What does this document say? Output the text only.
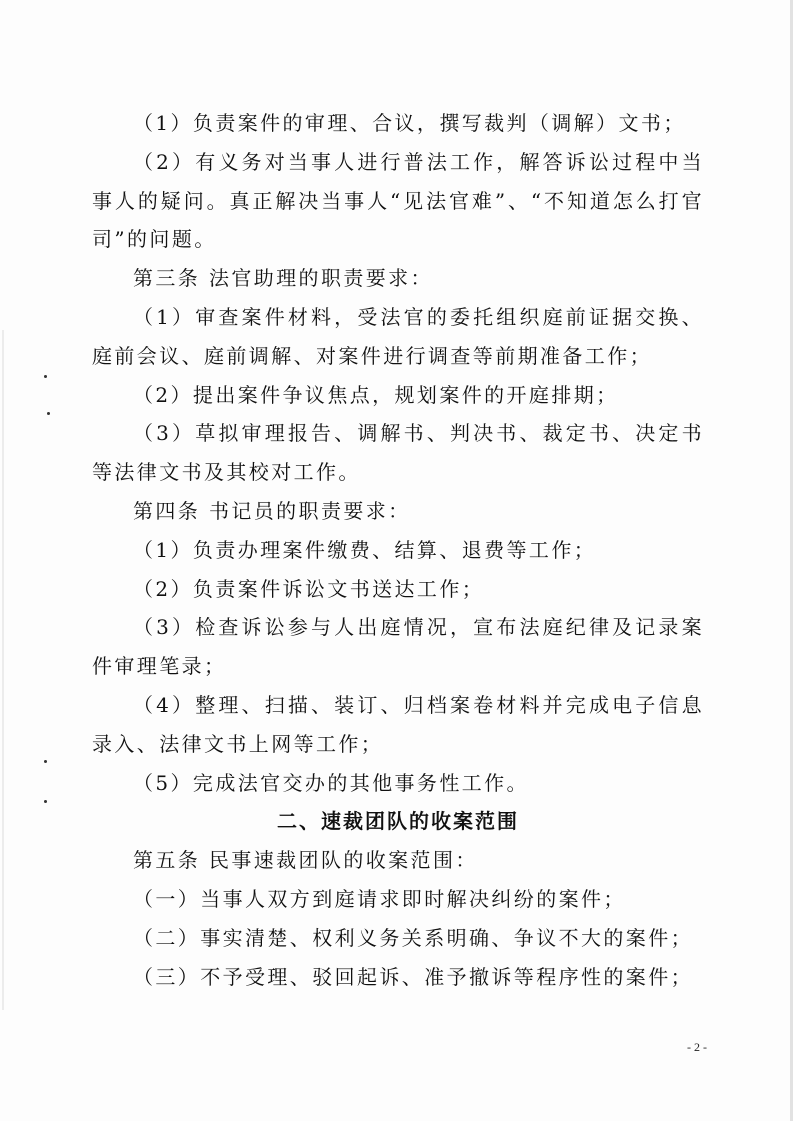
（1）负责案件的审理、合议，撰写裁判（调解）文书；

（2）有义务对当事人进行普法工作，解答诉讼过程中当事人的疑问。真正解决当事人“见法官难”、“不知道怎么打官司”的问题。

第三条 法官助理的职责要求：

（1）审查案件材料，受法官的委托组织庭前证据交换、庭前会议、庭前调解、对案件进行调查等前期准备工作；

（2）提出案件争议焦点，规划案件的开庭排期；

（3）草拟审理报告、调解书、判决书、裁定书、决定书等法律文书及其校对工作。

第四条 书记员的职责要求：

（1）负责办理案件缴费、结算、退费等工作；

（2）负责案件诉讼文书送达工作；

（3）检查诉讼参与人出庭情况，宣布法庭纪律及记录案件审理笔录；

（4）整理、扫描、装订、归档案卷材料并完成电子信息录入、法律文书上网等工作；

（5）完成法官交办的其他事务性工作。

二、速裁团队的收案范围

第五条 民事速裁团队的收案范围：

（一）当事人双方到庭请求即时解决纠纷的案件；

（二）事实清楚、权利义务关系明确、争议不大的案件；

（三）不予受理、驳回起诉、准予撤诉等程序性的案件；

- 2 -
